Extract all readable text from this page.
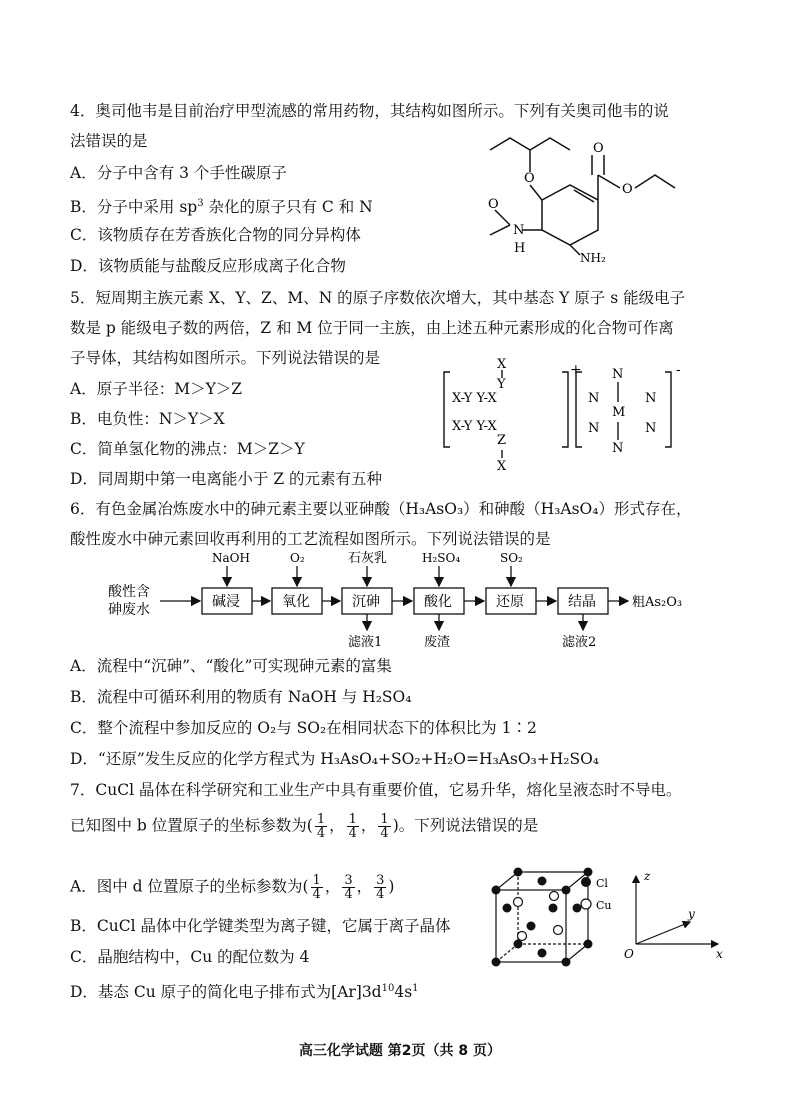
4．奥司他韦是目前治疗甲型流感的常用药物，其结构如图所示。下列有关奥司他韦的说
法错误的是
A．分子中含有 3 个手性碳原子
B．分子中采用 $sp^3$ 杂化的原子只有 C 和 N
C．该物质存在芳香族化合物的同分异构体
D．该物质能与盐酸反应形成离子化合物
O
O
O
O
N
H
NH₂
5．短周期主族元素 X、Y、Z、M、N 的原子序数依次增大，其中基态 Y 原子 s 能级电子
数是 p 能级电子数的两倍，Z 和 M 位于同一主族，由上述五种元素形成的化合物可作离
子导体，其结构如图所示。下列说法错误的是
A．原子半径：M＞Y＞Z
B．电负性：N＞Y＞X
C．简单氢化物的沸点：M＞Z＞Y
D．同周期中第一电离能小于 Z 的元素有五种
X
Y
X-Y Y-X
X-Y Y-X
Z
X
+ N
N
M
N
N	N
N
-
6．有色金属冶炼废水中的砷元素主要以亚砷酸（H₃AsO₃）和砷酸（H₃AsO₄）形式存在，
酸性废水中砷元素回收再利用的工艺流程如图所示。下列说法错误的是
酸性含
砷废水	碱浸	氧化	沉砷	酸化	还原	结晶
NaOH	O₂	石灰乳	H₂SO₄	SO₂
滤液1	废渣	滤液2
粗As₂O₃
A．流程中“沉砷”、“酸化”可实现砷元素的富集
B．流程中可循环利用的物质有 NaOH 与 H₂SO₄
C．整个流程中参加反应的 O₂与 SO₂在相同状态下的体积比为 1∶2
D．“还原”发生反应的化学方程式为 H₃AsO₄+SO₂+H₂O=H₃AsO₃+H₂SO₄
7．CuCl 晶体在科学研究和工业生产中具有重要价值，它易升华，熔化呈液态时不导电。
已知图中 b 位置原子的坐标参数为( $\frac{1}{4}$ ， $\frac{1}{4}$ ， $\frac{1}{4}$ )。下列说法错误的是
A．图中 d 位置原子的坐标参数为( $\frac{1}{4}$ ， $\frac{3}{4}$ ， $\frac{3}{4}$ )
B．CuCl 晶体中化学键类型为离子键，它属于离子晶体
C．晶胞结构中，Cu 的配位数为 4
D．基态 Cu 原子的简化电子排布式为$[Ar]3d^{10}4s^1$
Cl
Cu
z
y
x
O
高三化学试题 第2页（共 8 页）
